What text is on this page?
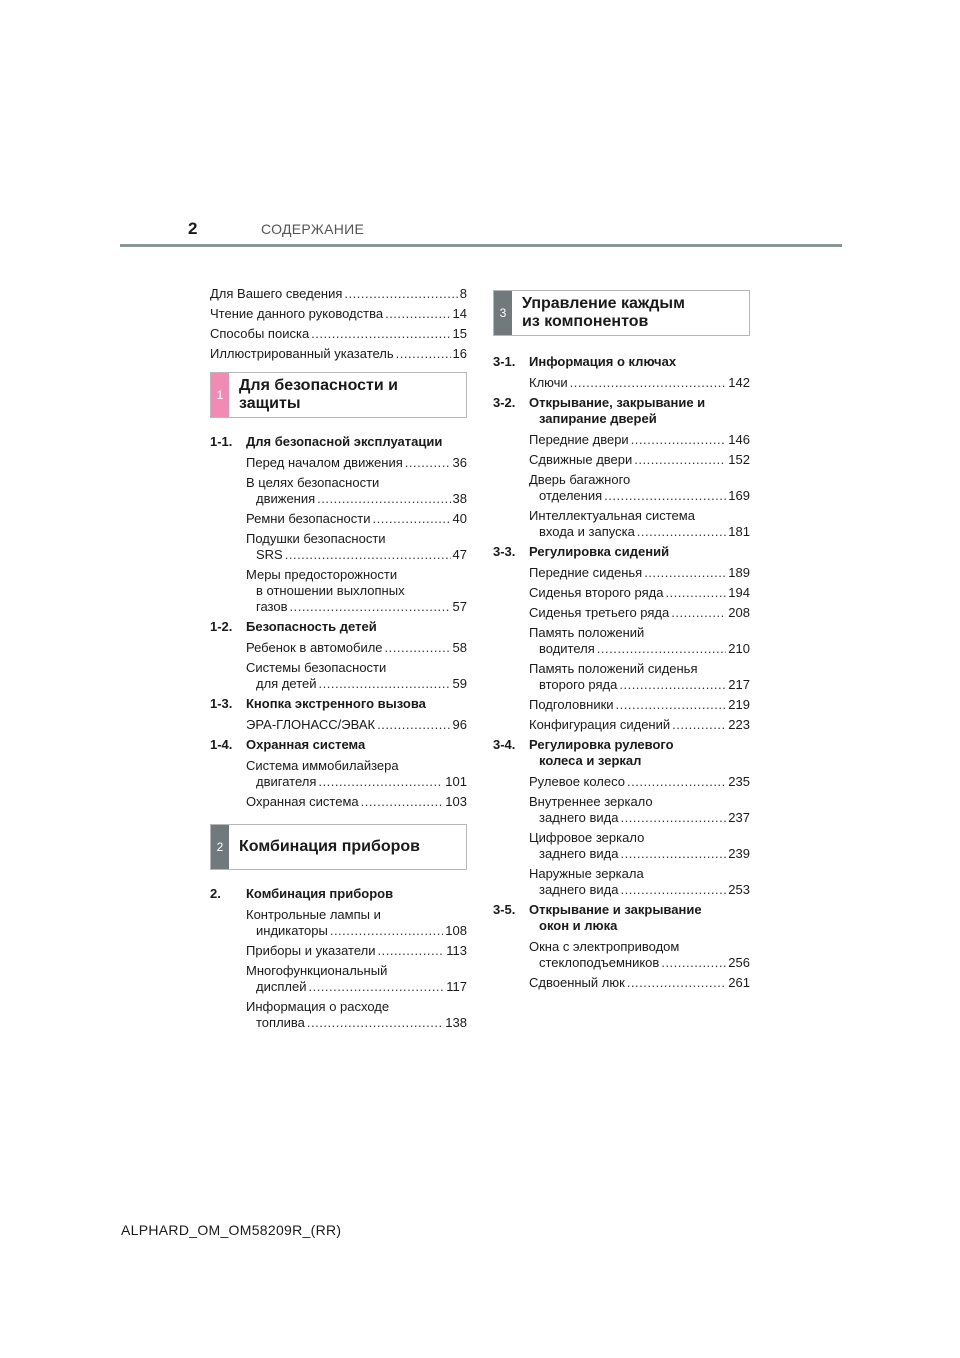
2	СОДЕРЖАНИЕ
Для Вашего сведения .....	8
Чтение данного руководства .....	14
Способы поиска .....	15
Иллюстрированный указатель .....	16
1
Для безопасности и
защиты
1-1.	Для безопасной эксплуатации
Перед началом движения .....	36
В целях безопасности
движения .....	38
Ремни безопасности .....	40
Подушки безопасности
SRS .....	47
Меры предосторожности
в отношении выхлопных
газов .....	57
1-2.	Безопасность детей
Ребенок в автомобиле .....	58
Системы безопасности
для детей .....	59
1-3.	Кнопка экстренного вызова
ЭРА-ГЛОНАСС/ЭВАК .....	96
1-4.	Охранная система
Система иммобилайзера
двигателя .....	101
Охранная система .....	103
2 Комбинация приборов
2.	Комбинация приборов
Контрольные лампы и
индикаторы .....	108
Приборы и указатели .....	113
Многофункциональный
дисплей .....	117
Информация о расходе
топлива .....	138
3
Управление каждым
из компонентов
3-1.	Информация о ключах
Ключи .....	142
3-2.	Открывание, закрывание и
запирание дверей
Передние двери .....	146
Сдвижные двери .....	152
Дверь багажного
отделения .....	169
Интеллектуальная система
входа и запуска .....	181
3-3.	Регулировка сидений
Передние сиденья .....	189
Сиденья второго ряда .....	194
Сиденья третьего ряда .....	208
Память положений
водителя .....	210
Память положений сиденья
второго ряда .....	217
Подголовники .....	219
Конфигурация сидений .....	223
3-4.	Регулировка рулевого
колеса и зеркал
Рулевое колесо .....	235
Внутреннее зеркало
заднего вида .....	237
Цифровое зеркало
заднего вида .....	239
Наружные зеркала
заднего вида .....	253
3-5.	Открывание и закрывание
окон и люка
Окна с электроприводом
стеклоподъемников .....	256
Сдвоенный люк .....	261
ALPHARD_OM_OM58209R_(RR)
